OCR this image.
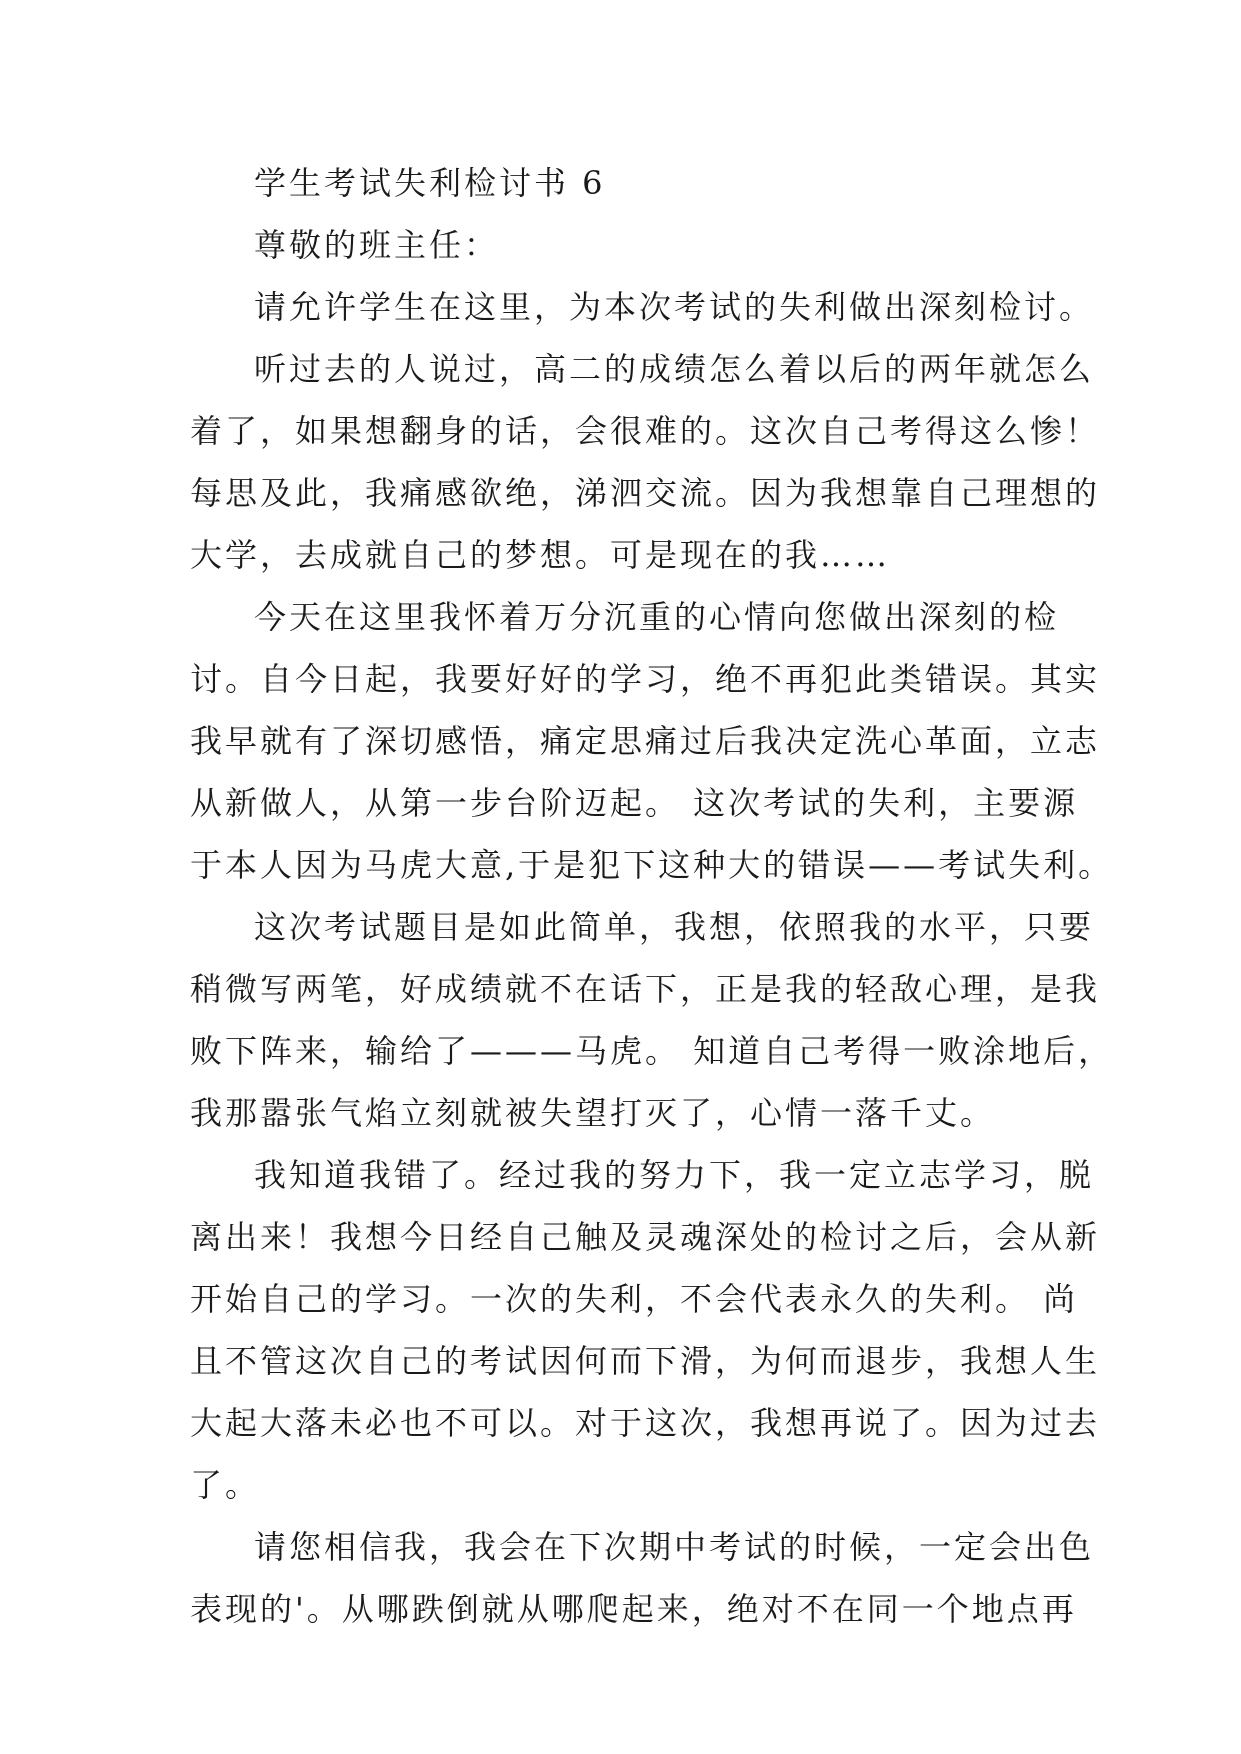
学生考试失利检讨书 6
尊敬的班主任：
请允许学生在这里，为本次考试的失利做出深刻检讨。
听过去的人说过，高二的成绩怎么着以后的两年就怎么
着了，如果想翻身的话，会很难的。这次自己考得这么惨！
每思及此，我痛感欲绝，涕泗交流。因为我想靠自己理想的
大学，去成就自己的梦想。可是现在的我……
今天在这里我怀着万分沉重的心情向您做出深刻的检
讨。自今日起，我要好好的学习，绝不再犯此类错误。其实
我早就有了深切感悟，痛定思痛过后我决定洗心革面，立志
从新做人，从第一步台阶迈起。 这次考试的失利，主要源
于本人因为马虎大意,于是犯下这种大的错误——考试失利。
这次考试题目是如此简单，我想，依照我的水平，只要
稍微写两笔，好成绩就不在话下，正是我的轻敌心理，是我
败下阵来，输给了———马虎。 知道自己考得一败涂地后，
我那嚣张气焰立刻就被失望打灭了，心情一落千丈。
我知道我错了。经过我的努力下，我一定立志学习，脱
离出来！我想今日经自己触及灵魂深处的检讨之后，会从新
开始自己的学习。一次的失利，不会代表永久的失利。 尚
且不管这次自己的考试因何而下滑，为何而退步，我想人生
大起大落未必也不可以。对于这次，我想再说了。因为过去
了。
请您相信我，我会在下次期中考试的时候，一定会出色
表现的'。从哪跌倒就从哪爬起来，绝对不在同一个地点再
